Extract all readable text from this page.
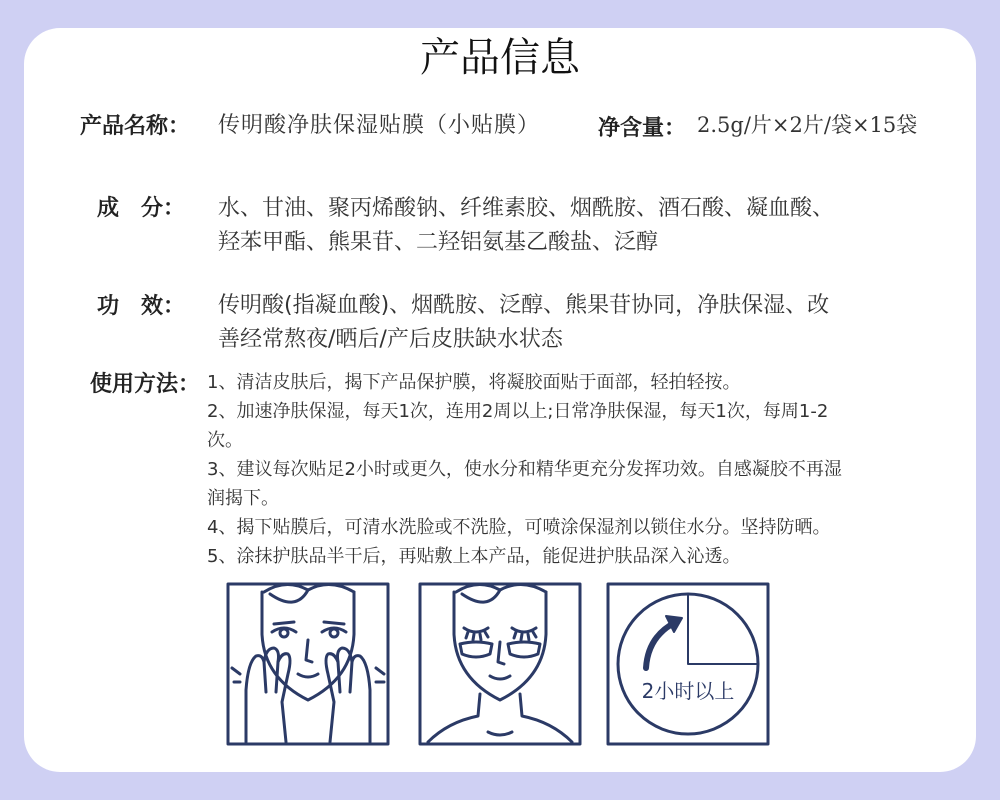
产品信息
产品名称： 传明酸净肤保湿贴膜（小贴膜）	净含量： 2.5g/片×2片/袋×15袋
成　分： 水、甘油、聚丙烯酸钠、纤维素胶、烟酰胺、酒石酸、凝血酸、
羟苯甲酯、熊果苷、二羟铝氨基乙酸盐、泛醇
功　效： 传明酸(指凝血酸)、烟酰胺、泛醇、熊果苷协同，净肤保湿、改
善经常熬夜/晒后/产后皮肤缺水状态
使用方法： 1、清洁皮肤后，揭下产品保护膜，将凝胶面贴于面部，轻拍轻按。
2、加速净肤保湿，每天1次，连用2周以上;日常净肤保湿，每天1次，每周1-2
次。
3、建议每次贴足2小时或更久，使水分和精华更充分发挥功效。自感凝胶不再湿
润揭下。
4、揭下贴膜后，可清水洗脸或不洗脸，可喷涂保湿剂以锁住水分。坚持防晒。
5、涂抹护肤品半干后，再贴敷上本产品，能促进护肤品深入沁透。
2小时以上
